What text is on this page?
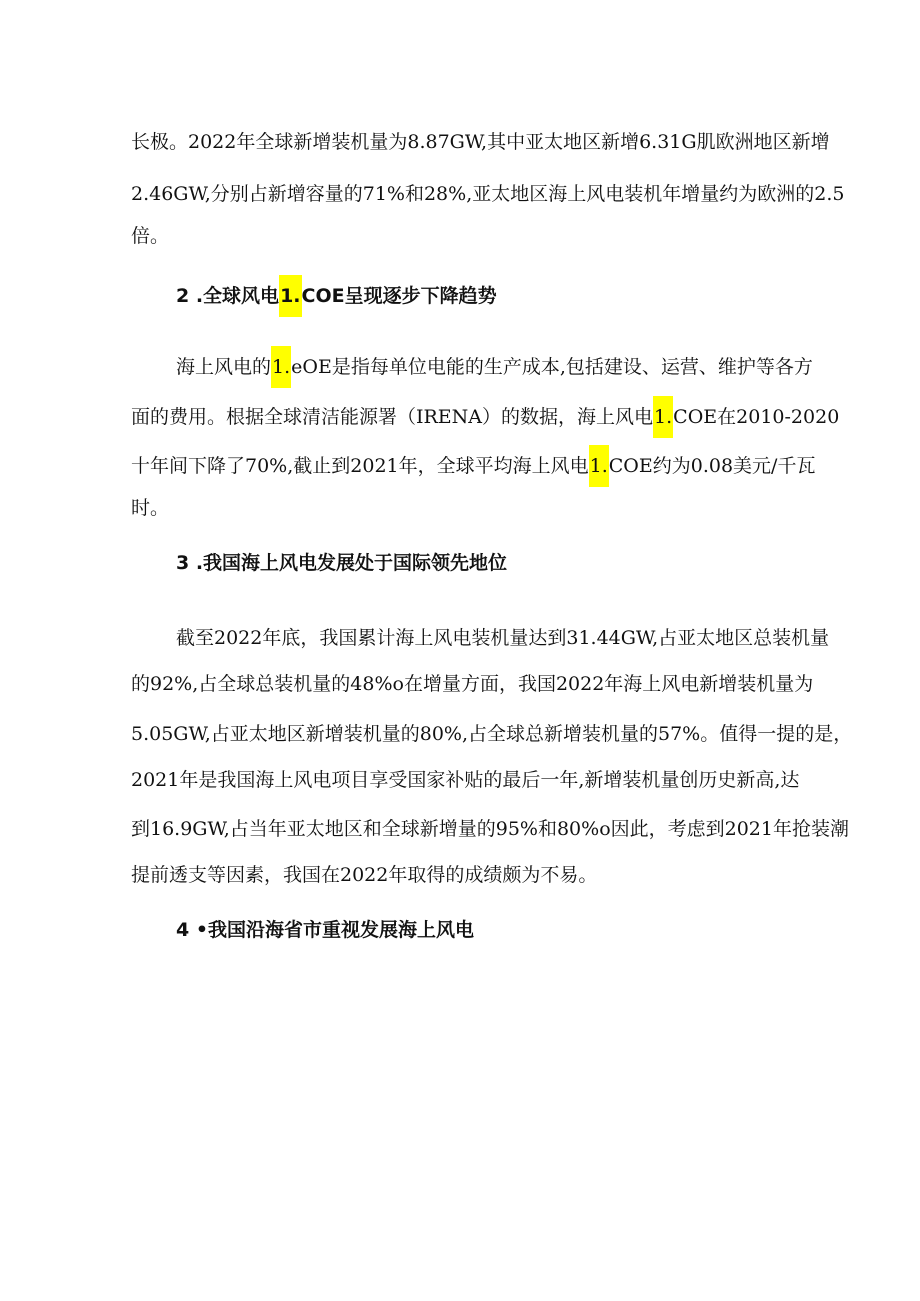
长极。2022年全球新增装机量为8.87GW,其中亚太地区新增6.31G肌欧洲地区新增
2.46GW,分别占新增容量的71%和28%,亚太地区海上风电装机年增量约为欧洲的2.5
倍。
2 .全球风电1.COE呈现逐步下降趋势
海上风电的1.eOE是指每单位电能的生产成本,包括建设、运营、维护等各方
面的费用。根据全球清洁能源署（IRENA）的数据，海上风电1.COE在2010-2020
十年间下降了70%,截止到2021年，全球平均海上风电1.COE约为0.08美元/千瓦
时。
3 .我国海上风电发展处于国际领先地位
截至2022年底，我国累计海上风电装机量达到31.44GW,占亚太地区总装机量
的92%,占全球总装机量的48%o在增量方面，我国2022年海上风电新增装机量为
5.05GW,占亚太地区新增装机量的80%,占全球总新增装机量的57%。值得一提的是，
2021年是我国海上风电项目享受国家补贴的最后一年,新增装机量创历史新高,达
到16.9GW,占当年亚太地区和全球新增量的95%和80%o因此，考虑到2021年抢装潮
提前透支等因素，我国在2022年取得的成绩颇为不易。
4 •我国沿海省市重视发展海上风电
